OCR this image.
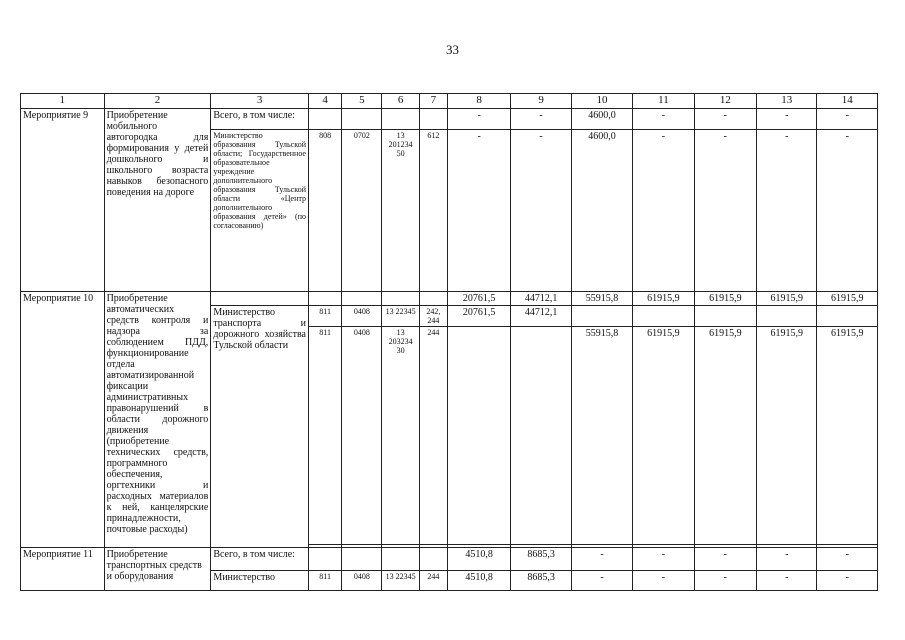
33
1	2	3	4	5	6	7	8	9	10	11	12	13	14
Мероприятие 9	Приобретение мобильного автогородка для формирования у детей дошкольного и школьного возраста навыков безопасного поведения на дороге	Всего, в том числе:					-	-	4600,0	-	-	-	-
		Министерство образования Тульской области; Государственное образовательное учреждение дополнительного образования Тульской области «Центр дополнительного образования детей» (по согласованию)	808	0702	13 201234 50	612	-	-	4600,0	-	-	-	-
Мероприятие 10	Приобретение автоматических средств контроля и надзора за соблюдением ПДД, функционирование отдела автоматизированной фиксации административных правонарушений в области дорожного движения (приобретение технических средств, программного обеспечения, оргтехники и расходных материалов к ней, канцелярские принадлежности, почтовые расходы)						20761,5	44712,1	55915,8	61915,9	61915,9	61915,9	61915,9
		Министерство транспорта и дорожного хозяйства Тульской области	811	0408	13 22345	242, 244	20761,5	44712,1					
			811	0408	13 203234 30	244			55915,8	61915,9	61915,9	61915,9	61915,9

Мероприятие 11	Приобретение транспортных средств и оборудования	Всего, в том числе:					4510,8	8685,3	-	-	-	-	-
		Министерство	811	0408	13 22345	244	4510,8	8685,3	-	-	-	-	-
